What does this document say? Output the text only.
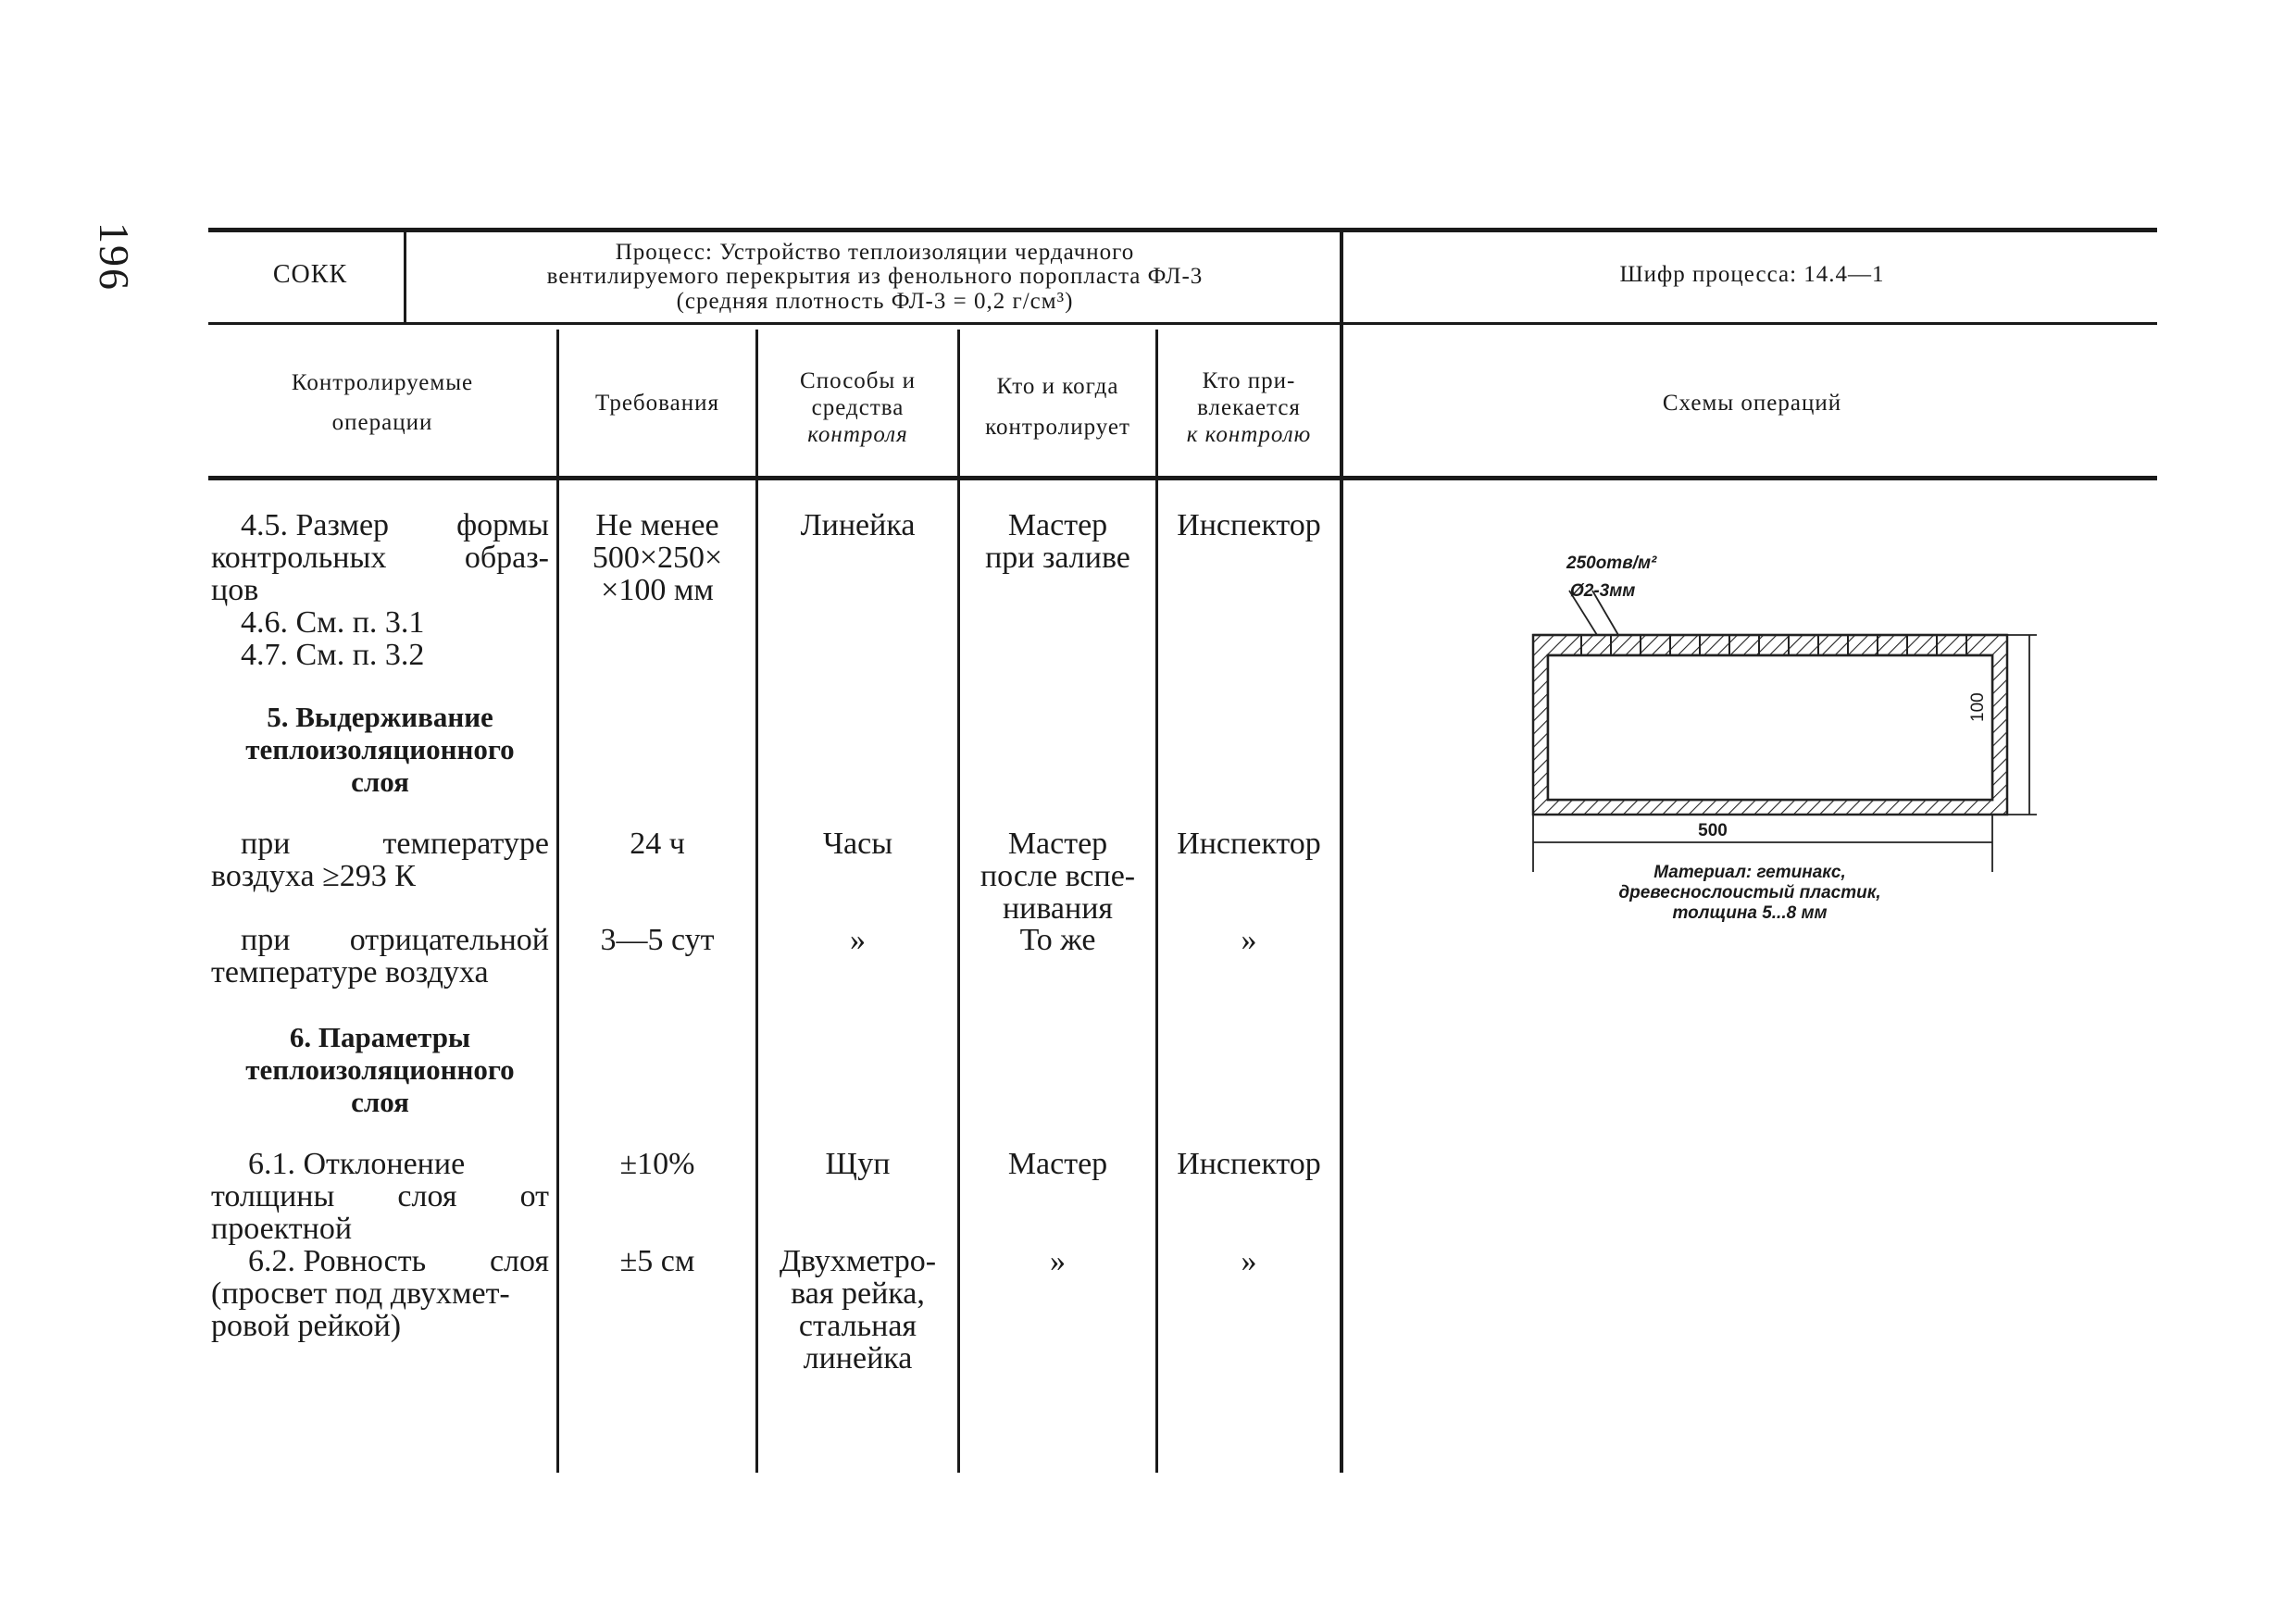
196	СОКК
Процесс: Устройство теплоизоляции чердачного
вентилируемого перекрытия из фенольного поропласта ФЛ-3
(средняя плотность ФЛ-3 = 0,2 г/см³)
Шифр процесса: 14.4—1
Контролируемые
операции
Требования
Способы и
средства
контроля
Кто и когда
контролирует
Кто при-
влекается
к контролю
Схемы операций
4.5. Размер формы
контрольных образ-
цов
4.6. См. п. 3.1
4.7. См. п. 3.2
5. Выдерживание
теплоизоляционного
слоя
при	температуре
воздуха ≥293 К
при отрицательной
температуре воздуха
6. Параметры
теплоизоляционного
слоя
6.1. Отклонение
толщины слоя от
проектной
6.2. Ровность слоя
(просвет под двухмет-
ровой рейкой)
Не менее
500×250×
×100 мм
24 ч
3—5 сут
±10%
±5 см
Линейка
Часы
»
Щуп
Двухметро-
вая рейка,
стальная
линейка
Мастер
при заливе
Мастер
после вспе-
нивания
То же
Мастер
»
Инспектор
Инспектор
»
Инспектор
»
250отв/м²
Ø2-3мм
100
500
Материал: гетинакс,
древеснослоистый пластик,
толщина 5...8 мм
